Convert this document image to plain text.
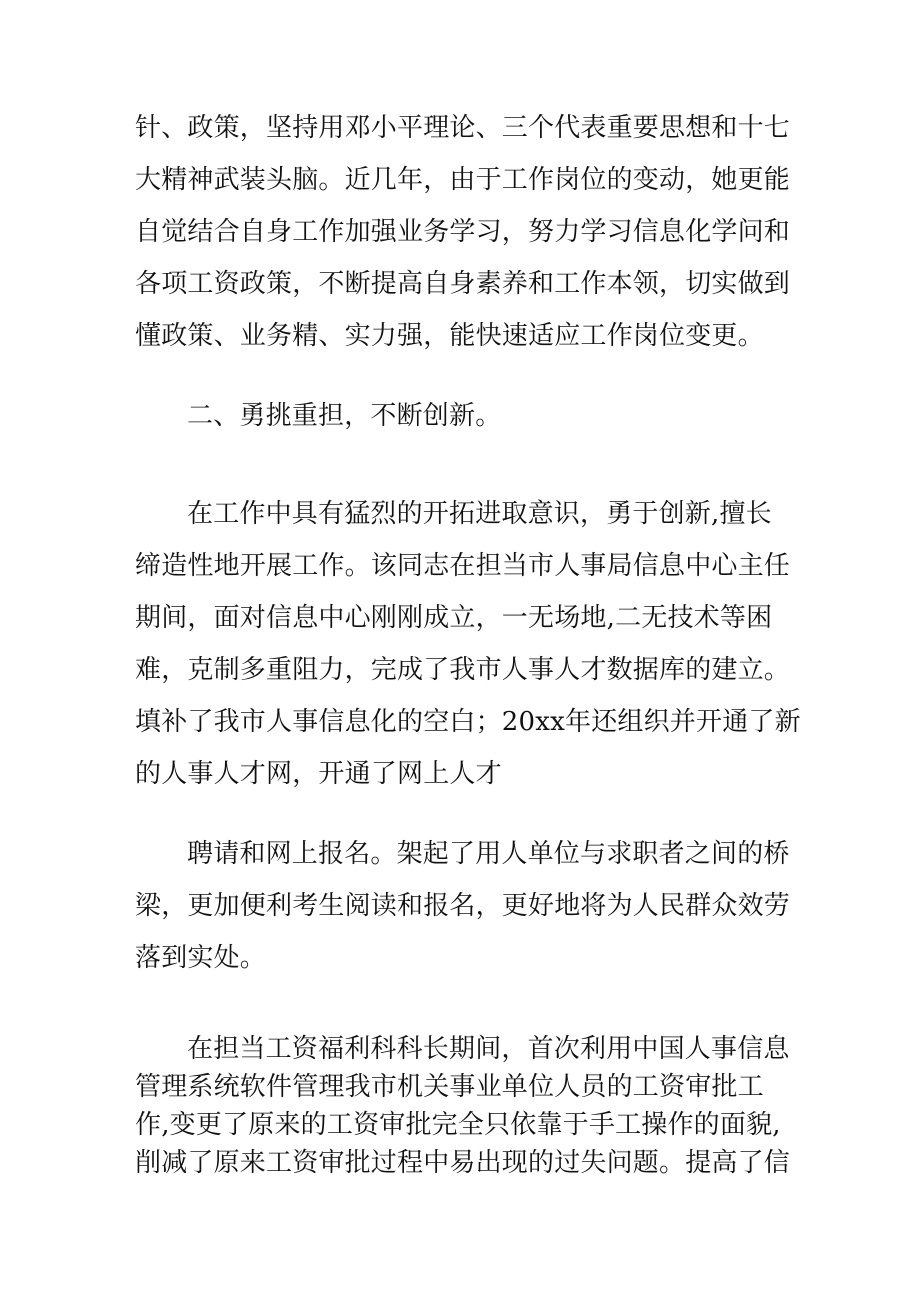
针、政策，坚持用邓小平理论、三个代表重要思想和十七
大精神武装头脑。近几年，由于工作岗位的变动，她更能
自觉结合自身工作加强业务学习，努力学习信息化学问和
各项工资政策，不断提高自身素养和工作本领，切实做到
懂政策、业务精、实力强，能快速适应工作岗位变更。

二、勇挑重担，不断创新。

在工作中具有猛烈的开拓进取意识，勇于创新,擅长
缔造性地开展工作。该同志在担当市人事局信息中心主任
期间，面对信息中心刚刚成立，一无场地,二无技术等困
难，克制多重阻力，完成了我市人事人才数据库的建立。
填补了我市人事信息化的空白；20xx年还组织并开通了新
的人事人才网，开通了网上人才

聘请和网上报名。架起了用人单位与求职者之间的桥
梁，更加便利考生阅读和报名，更好地将为人民群众效劳
落到实处。

在担当工资福利科科长期间，首次利用中国人事信息
管理系统软件管理我市机关事业单位人员的工资审批工
作,变更了原来的工资审批完全只依靠于手工操作的面貌,
削减了原来工资审批过程中易出现的过失问题。提高了信
